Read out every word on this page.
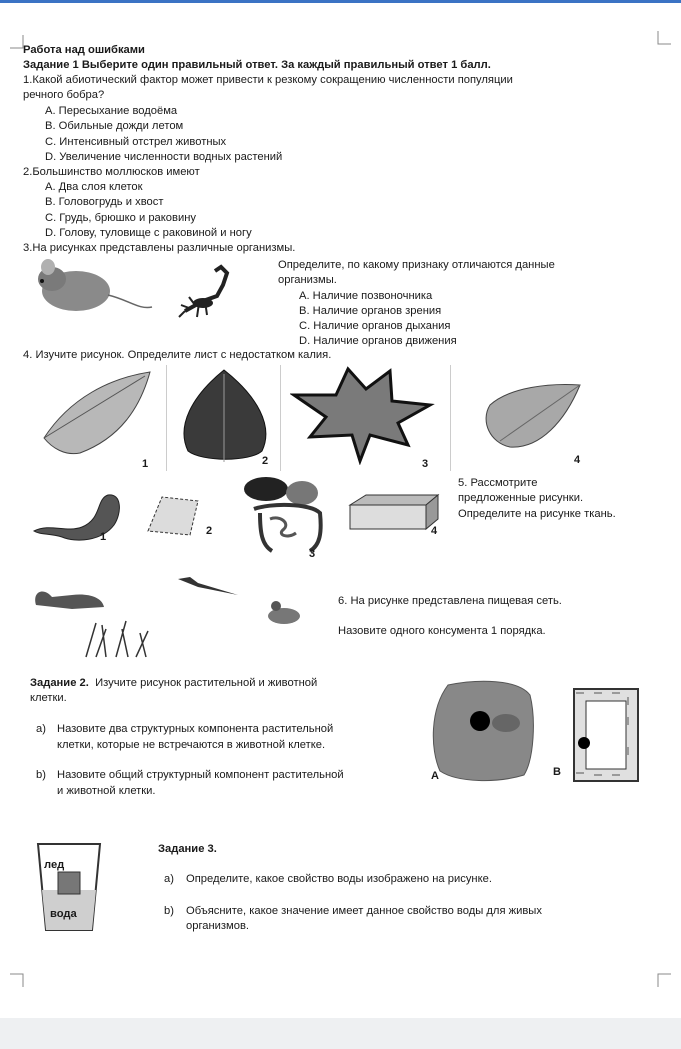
Работа над ошибками
Задание 1 Выберите один правильный ответ. За каждый правильный ответ 1 балл.
1.Какой абиотический фактор может привести к резкому сокращению численности популяции
речного бобра?
A. Пересыхание водоёма
B. Обильные дожди летом
C. Интенсивный отстрел животных
D. Увеличение численности водных растений
2.Большинство моллюсков имеют
A. Два слоя клеток
B. Головогрудь и хвост
C. Грудь, брюшко и раковину
D. Голову, туловище с раковиной и ногу
3.На рисунках представлены различные организмы.
Определите, по какому признаку отличаются данные
организмы.
A. Наличие позвоночника
B. Наличие органов зрения
C. Наличие органов дыхания
D. Наличие органов движения
4. Изучите рисунок. Определите лист с недостатком калия.
1	2	3	4
1	2
3
4
5. Рассмотрите
предложенные рисунки.
Определите на рисунке ткань.
6. На рисунке представлена пищевая сеть.
Назовите одного консумента 1 порядка.
Задание 2. Изучите рисунок растительной и животной
клетки.
a) Назовите два структурных компонента растительной
клетки, которые не встречаются в животной клетке.
b) Назовите общий структурный компонент растительной
и животной клетки.
A	B
лед
вода
Задание 3.
a) Определите, какое свойство воды изображено на рисунке.
b) Объясните, какое значение имеет данное свойство воды для живых
организмов.
